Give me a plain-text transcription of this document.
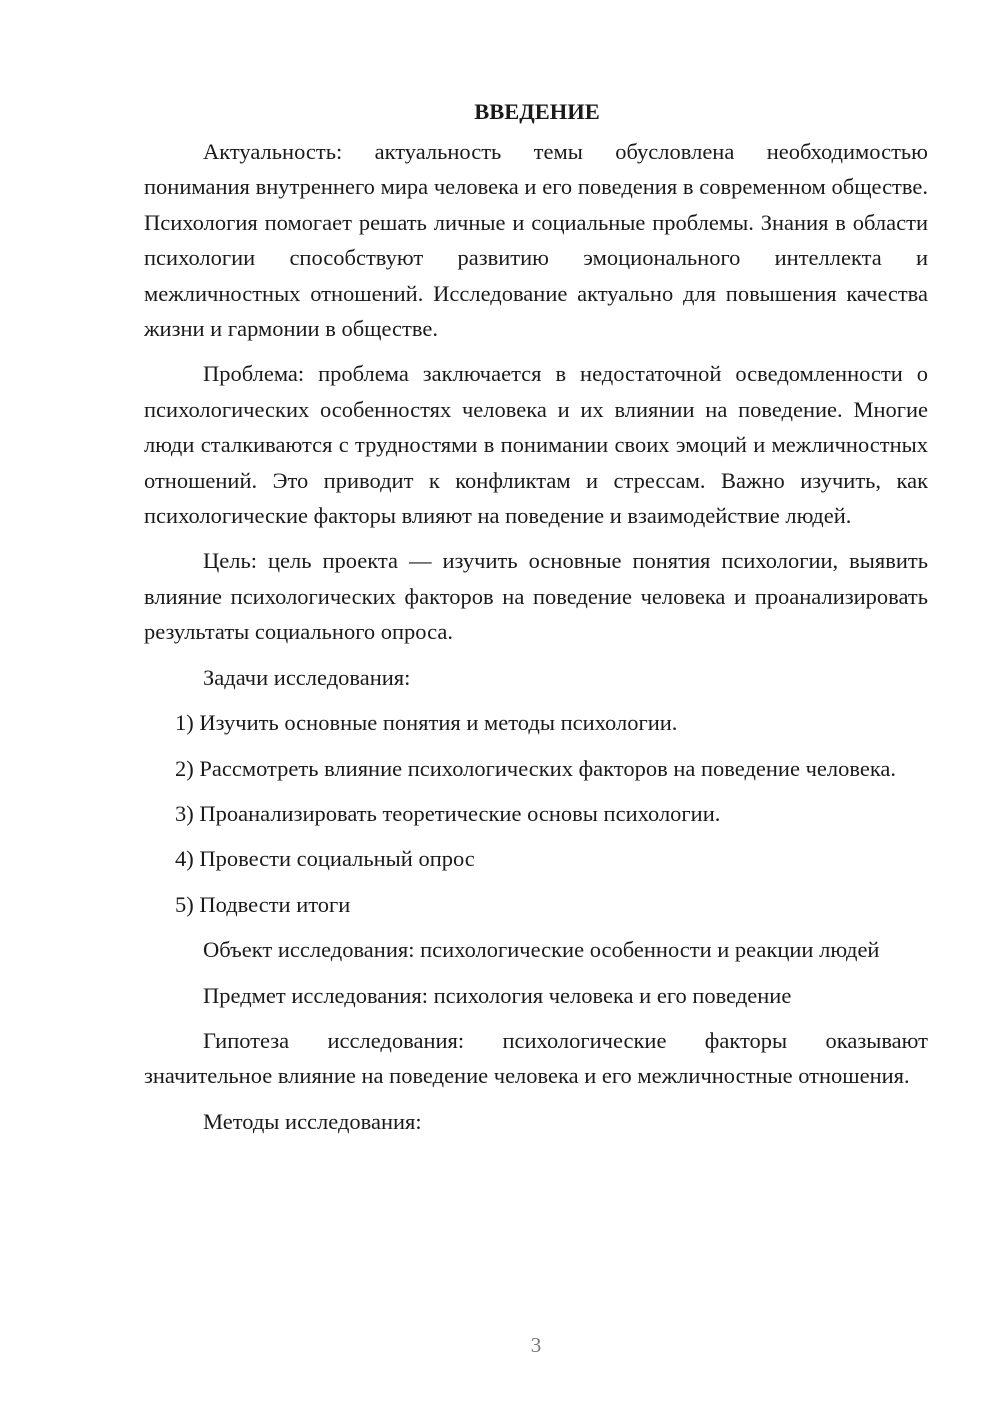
ВВЕДЕНИЕ

Актуальность: актуальность темы обусловлена необходимостью понимания внутреннего мира человека и его поведения в современном обществе. Психология помогает решать личные и социальные проблемы. Знания в области психологии способствуют развитию эмоционального интеллекта и межличностных отношений. Исследование актуально для повышения качества жизни и гармонии в обществе.

Проблема: проблема заключается в недостаточной осведомленности о психологических особенностях человека и их влиянии на поведение. Многие люди сталкиваются с трудностями в понимании своих эмоций и межличностных отношений. Это приводит к конфликтам и стрессам. Важно изучить, как психологические факторы влияют на поведение и взаимодействие людей.

Цель: цель проекта — изучить основные понятия психологии, выявить влияние психологических факторов на поведение человека и проанализировать результаты социального опроса.

Задачи исследования:

1) Изучить основные понятия и методы психологии.

2) Рассмотреть влияние психологических факторов на поведение человека.

3) Проанализировать теоретические основы психологии.

4) Провести социальный опрос

5) Подвести итоги

Объект исследования: психологические особенности и реакции людей

Предмет исследования: психология человека и его поведение

Гипотеза исследования: психологические факторы оказывают значительное влияние на поведение человека и его межличностные отношения.

Методы исследования:

3
